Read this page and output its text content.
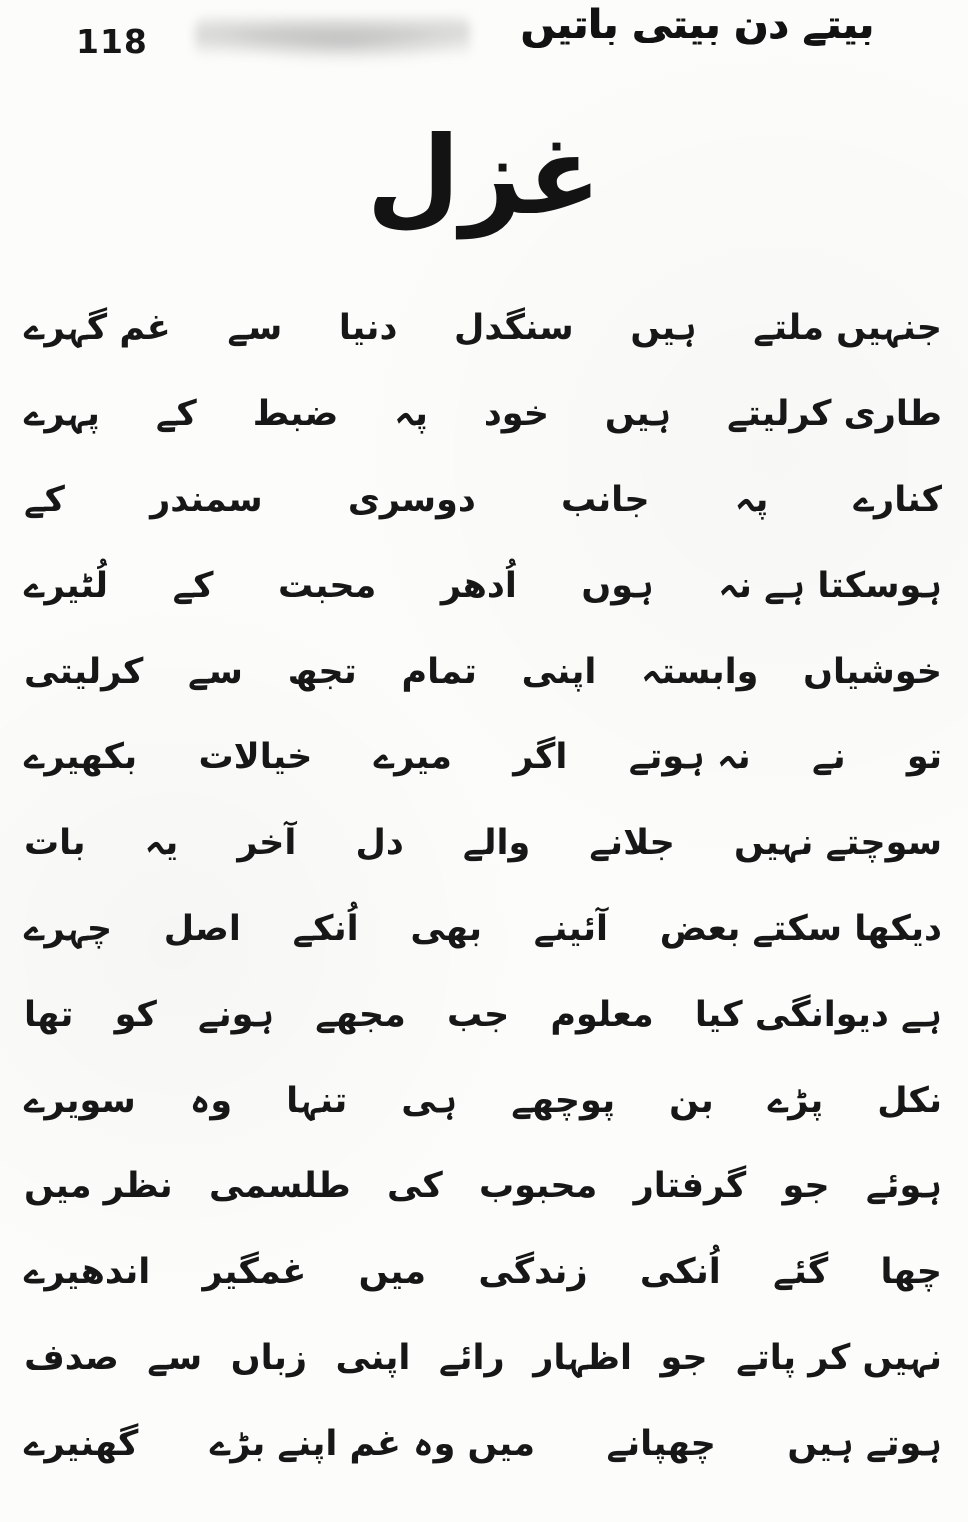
118	بیتے دن بیتی باتیں
غزل
جنہیں ملتے
ہیں
سنگدل
دنیا
سے
غم گہرے
طاری کرلیتے
ہیں
خود
پہ
ضبط
کے
پہرے
کنارے
پہ
جانب
دوسری
سمندر
کے
ہوسکتا ہے نہ
ہوں
اُدھر
محبت
کے
لُٹیرے
خوشیاں
وابستہ
اپنی
تمام
تجھ
سے
کرلیتی
تو
نے
نہ ہوتے
اگر
میرے
خیالات
بکھیرے
سوچتے نہیں
جلانے
والے
دل
آخر
یہ
بات
دیکھا سکتے بعض
آئینے
بھی
اُنکے
اصل
چہرے
ہے دیوانگی کیا
معلوم
جب
مجھے
ہونے
کو
تھا
نکل
پڑے
بن
پوچھے
ہی
تنہا
وہ
سویرے
ہوئے
جو
گرفتار
محبوب
کی
طلسمی
نظر میں
چھا
گئے
اُنکی
زندگی
میں
غمگیر
اندھیرے
نہیں کر پاتے
جو
اظہار
رائے
اپنی
زباں
سے
صدف
ہوتے ہیں
چھپانے
میں وہ غم اپنے بڑے
گھنیرے
